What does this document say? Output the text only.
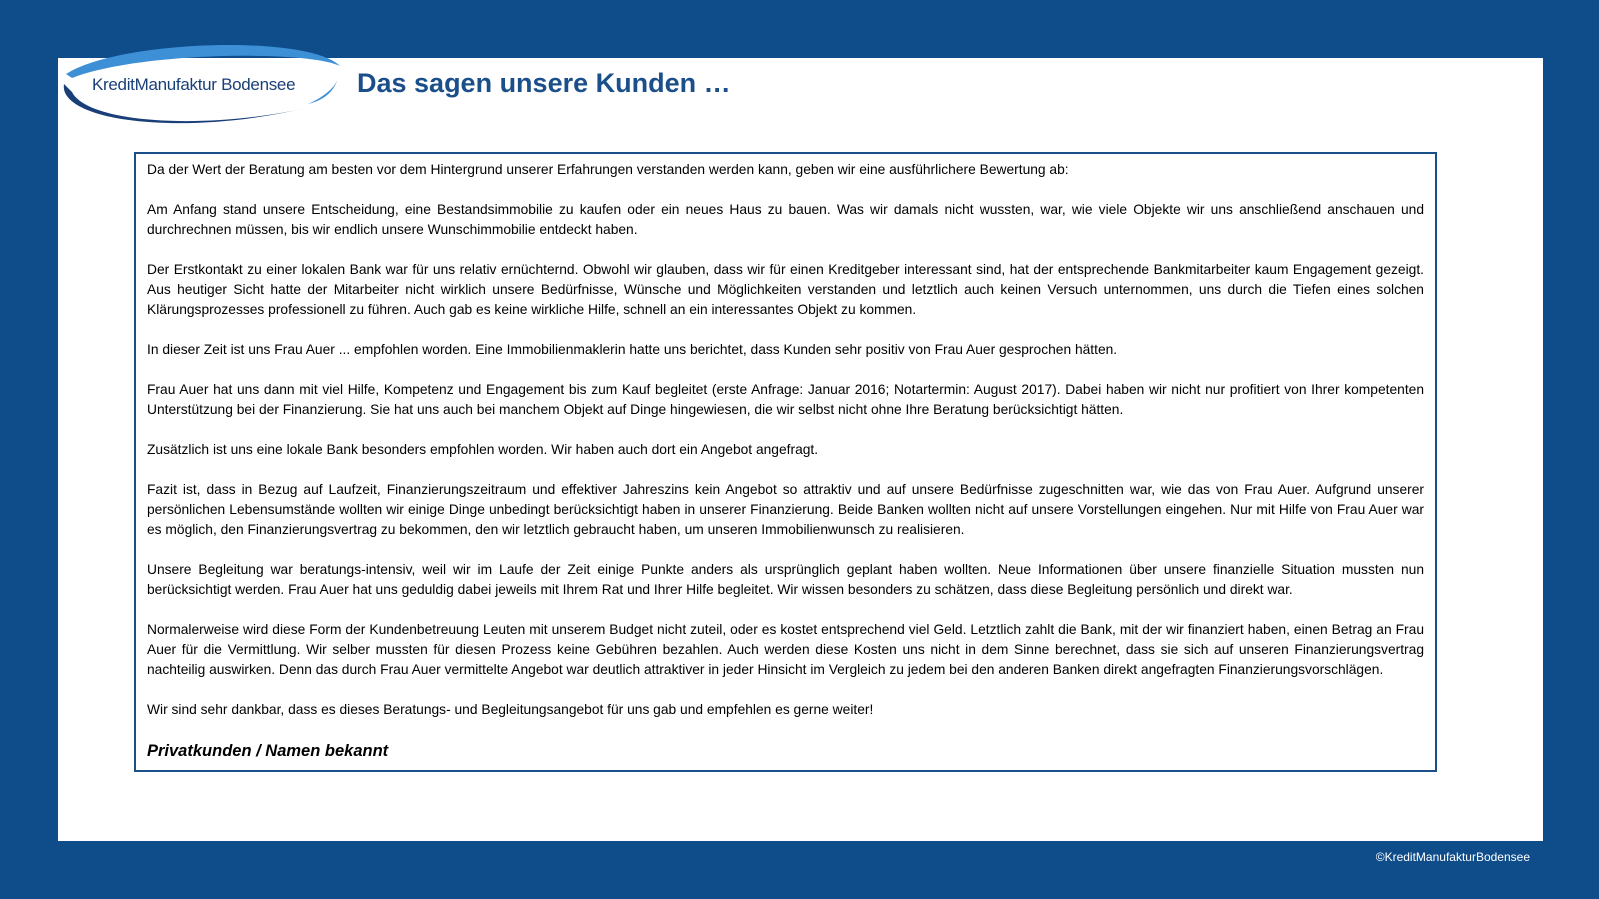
KreditManufaktur Bodensee Das sagen unsere Kunden …

Da der Wert der Beratung am besten vor dem Hintergrund unserer Erfahrungen verstanden werden kann, geben wir eine ausführlichere Bewertung ab:

Am Anfang stand unsere Entscheidung, eine Bestandsimmobilie zu kaufen oder ein neues Haus zu bauen. Was wir damals nicht wussten, war, wie viele Objekte wir uns anschließend anschauen und durchrechnen müssen, bis wir endlich unsere Wunschimmobilie entdeckt haben.

Der Erstkontakt zu einer lokalen Bank war für uns relativ ernüchternd. Obwohl wir glauben, dass wir für einen Kreditgeber interessant sind, hat der entsprechende Bankmitarbeiter kaum Engagement gezeigt. Aus heutiger Sicht hatte der Mitarbeiter nicht wirklich unsere Bedürfnisse, Wünsche und Möglichkeiten verstanden und letztlich auch keinen Versuch unternommen, uns durch die Tiefen eines solchen Klärungsprozesses professionell zu führen. Auch gab es keine wirkliche Hilfe, schnell an ein interessantes Objekt zu kommen.

In dieser Zeit ist uns Frau Auer ... empfohlen worden. Eine Immobilienmaklerin hatte uns berichtet, dass Kunden sehr positiv von Frau Auer gesprochen hätten.

Frau Auer hat uns dann mit viel Hilfe, Kompetenz und Engagement bis zum Kauf begleitet (erste Anfrage: Januar 2016; Notartermin: August 2017). Dabei haben wir nicht nur profitiert von Ihrer kompetenten Unterstützung bei der Finanzierung. Sie hat uns auch bei manchem Objekt auf Dinge hingewiesen, die wir selbst nicht ohne Ihre Beratung berücksichtigt hätten.

Zusätzlich ist uns eine lokale Bank besonders empfohlen worden. Wir haben auch dort ein Angebot angefragt.

Fazit ist, dass in Bezug auf Laufzeit, Finanzierungszeitraum und effektiver Jahreszins kein Angebot so attraktiv und auf unsere Bedürfnisse zugeschnitten war, wie das von Frau Auer. Aufgrund unserer persönlichen Lebensumstände wollten wir einige Dinge unbedingt berücksichtigt haben in unserer Finanzierung. Beide Banken wollten nicht auf unsere Vorstellungen eingehen. Nur mit Hilfe von Frau Auer war es möglich, den Finanzierungsvertrag zu bekommen, den wir letztlich gebraucht haben, um unseren Immobilienwunsch zu realisieren.

Unsere Begleitung war beratungs-intensiv, weil wir im Laufe der Zeit einige Punkte anders als ursprünglich geplant haben wollten. Neue Informationen über unsere finanzielle Situation mussten nun berücksichtigt werden. Frau Auer hat uns geduldig dabei jeweils mit Ihrem Rat und Ihrer Hilfe begleitet. Wir wissen besonders zu schätzen, dass diese Begleitung persönlich und direkt war.

Normalerweise wird diese Form der Kundenbetreuung Leuten mit unserem Budget nicht zuteil, oder es kostet entsprechend viel Geld. Letztlich zahlt die Bank, mit der wir finanziert haben, einen Betrag an Frau Auer für die Vermittlung. Wir selber mussten für diesen Prozess keine Gebühren bezahlen. Auch werden diese Kosten uns nicht in dem Sinne berechnet, dass sie sich auf unseren Finanzierungsvertrag nachteilig auswirken. Denn das durch Frau Auer vermittelte Angebot war deutlich attraktiver in jeder Hinsicht im Vergleich zu jedem bei den anderen Banken direkt angefragten Finanzierungsvorschlägen.

Wir sind sehr dankbar, dass es dieses Beratungs- und Begleitungsangebot für uns gab und empfehlen es gerne weiter!

Privatkunden / Namen bekannt

©KreditManufakturBodensee
